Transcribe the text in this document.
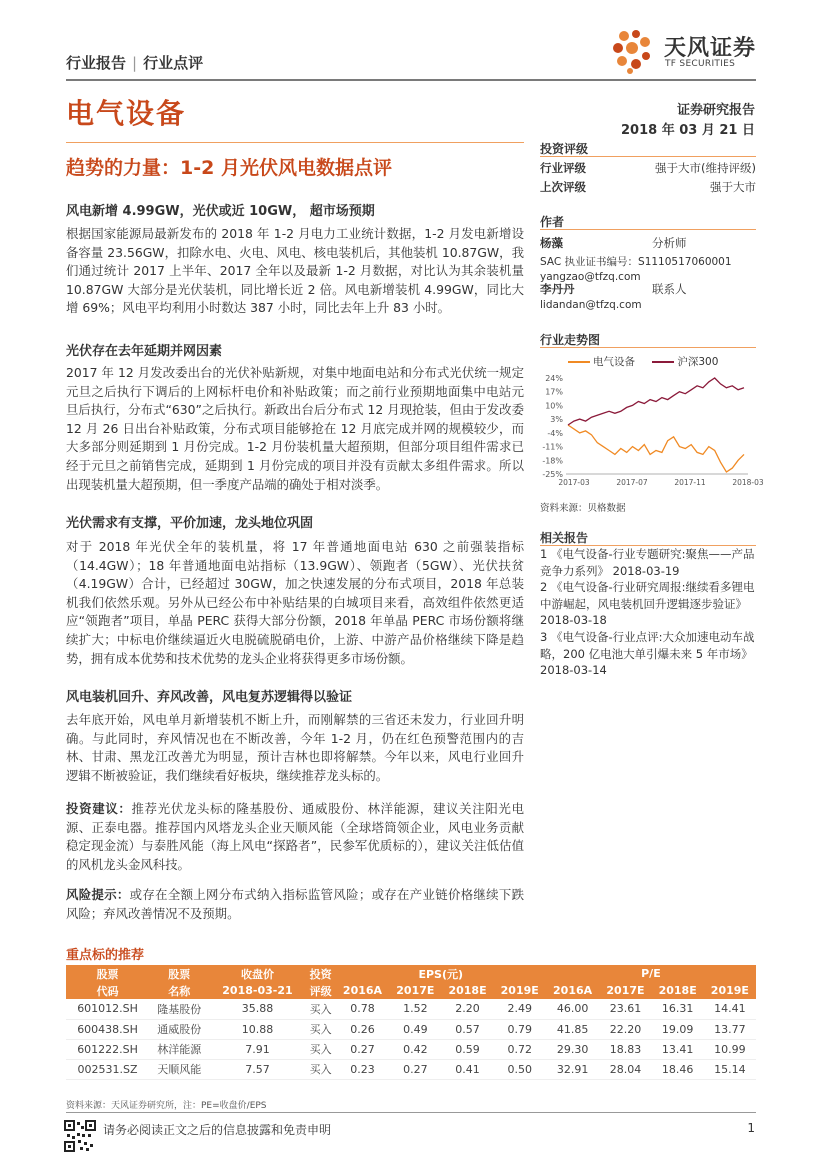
行业报告 | 行业点评
天风证券
TF SECURITIES
电气设备	证券研究报告
2018 年 03 月 21 日
趋势的力量：1-2 月光伏风电数据点评
风电新增 4.99GW，光伏或近 10GW， 超市场预期
根据国家能源局最新发布的 2018 年 1-2 月电力工业统计数据，1-2 月发电新增设备容量 23.56GW，扣除水电、火电、风电、核电装机后，其他装机 10.87GW，我们通过统计 2017 上半年、2017 全年以及最新 1-2 月数据，对比认为其余装机量 10.87GW 大部分是光伏装机，同比增长近 2 倍。风电新增装机 4.99GW，同比大增 69%；风电平均利用小时数达 387 小时，同比去年上升 83 小时。
光伏存在去年延期并网因素
2017 年 12 月发改委出台的光伏补贴新规，对集中地面电站和分布式光伏统一规定元旦之后执行下调后的上网标杆电价和补贴政策；而之前行业预期地面集中电站元旦后执行，分布式“630”之后执行。新政出台后分布式 12 月现抢装，但由于发改委 12 月 26 日出台补贴政策，分布式项目能够抢在 12 月底完成并网的规模较少，而大多部分则延期到 1 月份完成。1-2 月份装机量大超预期，但部分项目组件需求已经于元旦之前销售完成，延期到 1 月份完成的项目并没有贡献太多组件需求。所以出现装机量大超预期，但一季度产品端的确处于相对淡季。
光伏需求有支撑，平价加速，龙头地位巩固
对于 2018 年光伏全年的装机量，将 17 年普通地面电站 630 之前强装指标（14.4GW）；18 年普通地面电站指标（13.9GW）、领跑者（5GW）、光伏扶贫（4.19GW）合计，已经超过 30GW，加之快速发展的分布式项目，2018 年总装机我们依然乐观。另外从已经公布中补贴结果的白城项目来看，高效组件依然更适应“领跑者”项目，单晶 PERC 获得大部分份额，2018 年单晶 PERC 市场份额将继续扩大；中标电价继续逼近火电脱硫脱硝电价，上游、中游产品价格继续下降是趋势，拥有成本优势和技术优势的龙头企业将获得更多市场份额。
风电装机回升、弃风改善，风电复苏逻辑得以验证
去年底开始，风电单月新增装机不断上升，而刚解禁的三省还未发力，行业回升明确。与此同时，弃风情况也在不断改善，今年 1-2 月，仍在红色预警范围内的吉林、甘肃、黑龙江改善尤为明显，预计吉林也即将解禁。今年以来，风电行业回升逻辑不断被验证，我们继续看好板块，继续推荐龙头标的。
投资建议：推荐光伏龙头标的隆基股份、通威股份、林洋能源，建议关注阳光电源、正泰电器。推荐国内风塔龙头企业天顺风能（全球塔筒领企业，风电业务贡献稳定现金流）与泰胜风能（海上风电“探路者”，民参军优质标的），建议关注低估值的风机龙头金风科技。
风险提示：或存在全额上网分布式纳入指标监管风险；或存在产业链价格继续下跌风险；弃风改善情况不及预期。
投资评级
行业评级	强于大市(维持评级)
上次评级	强于大市
作者
杨藻	分析师
SAC 执业证书编号：S1110517060001
yangzao@tfzq.com
李丹丹	联系人
lidandan@tfzq.com
行业走势图
电气设备	沪深300
24%
17%
10%
3%
-4%
-11%
-18%
-25%
2017-03	2017-07	2017-11	2018-03
资料来源：贝格数据
相关报告
1 《电气设备-行业专题研究:聚焦——产品竞争力系列》 2018-03-19
2 《电气设备-行业研究周报:继续看多锂电中游崛起，风电装机回升逻辑逐步验证》 2018-03-18
3 《电气设备-行业点评:大众加速电动车战略，200 亿电池大单引爆未来 5 年市场》 2018-03-14
重点标的推荐
股票	股票	收盘价	投资	EPS(元)				P/E			
代码	名称	2018-03-21	评级	2016A	2017E	2018E	2019E	2016A	2017E	2018E	2019E
601012.SH	隆基股份	35.88	买入	0.78	1.52	2.20	2.49	46.00	23.61	16.31	14.41
600438.SH	通威股份	10.88	买入	0.26	0.49	0.57	0.79	41.85	22.20	19.09	13.77
601222.SH	林洋能源	7.91	买入	0.27	0.42	0.59	0.72	29.30	18.83	13.41	10.99
002531.SZ	天顺风能	7.57	买入	0.23	0.27	0.41	0.50	32.91	28.04	18.46	15.14
资料来源：天风证券研究所，注：PE=收盘价/EPS
请务必阅读正文之后的信息披露和免责申明	1
